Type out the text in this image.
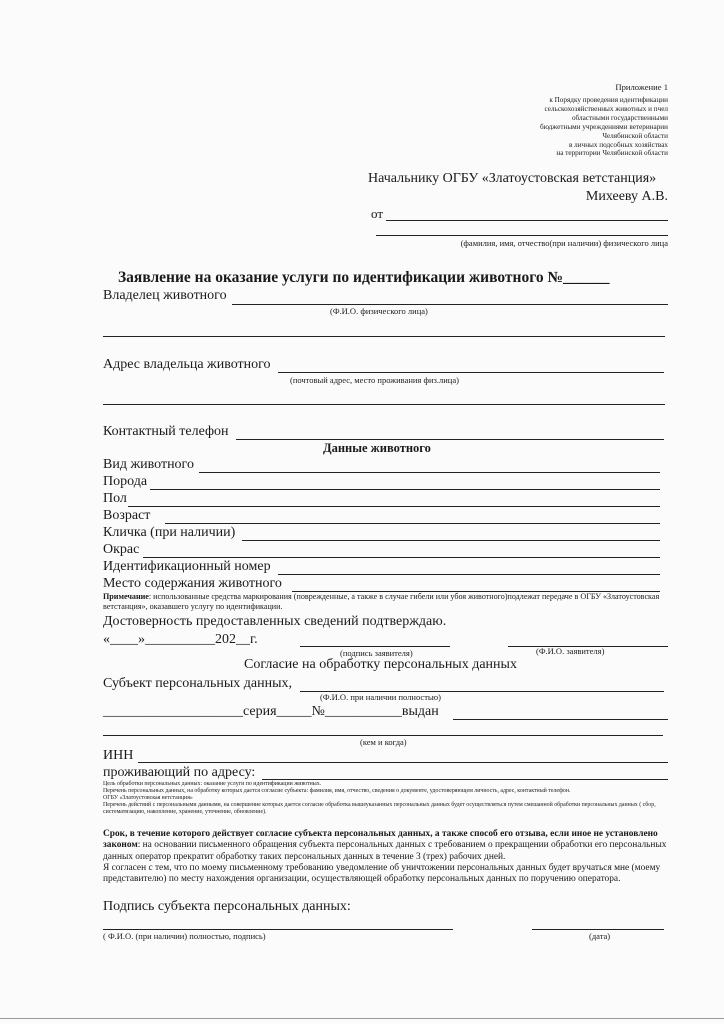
Приложение 1
к Порядку проведения идентификации
сельскохозяйственных животных и пчел
областными государственными
бюджетными учреждениями ветеринарии
Челябинской области
в личных подсобных хозяйствах
на территории Челябинской области
Начальнику ОГБУ «Златоустовская ветстанция»
Михееву А.В.
от
(фамилия, имя, отчество(при наличии) физического лица
Заявление на оказание услуги по идентификации животного №______
Владелец животного
(Ф.И.О. физического лица)
Адрес владельца животного
(почтовый адрес, место проживания физ.лица)
Контактный телефон
Данные животного
Вид животного
Порода
Пол
Возраст
Кличка (при наличии)
Окрас
Идентификационный номер
Место содержания животного
Примечание: использованные средства маркирования (поврежденные, а также в случае гибели или убоя животного)подлежат передаче в ОГБУ «Златоустовская ветстанция», оказавшего услугу по идентификации.
Достоверность предоставленных сведений подтверждаю.
«____»__________202__г.
(подпись заявителя)	(Ф.И.О. заявителя)
Согласие на обработку персональных данных
Субъект персональных данных,
(Ф.И.О. при наличии полностью)
____________________серия_____№___________выдан
(кем и когда)
ИНН
проживающий по адресу:
Цель обработки персональных данных: оказание услуги по идентификации животных.
Перечень персональных данных, на обработку которых дается согласие субъекта: фамилия, имя, отчество, сведения о документе, удостоверяющем личность, адрес, контактный телефон.
ОГБУ «Златоустовская ветстанция»
Перечень действий с персональными данными, на совершение которых дается согласие обработка вышеуказанных персональных данных будет осуществляться путем смешанной обработки персональных данных ( сбор, систематизацию, накопление, хранение, уточнение, обновление).
Срок, в течение которого действует согласие субъекта персональных данных, а также способ его отзыва, если иное не установлено законом: на основании письменного обращения субъекта персональных данных с требованием о прекращении обработки его персональных данных оператор прекратит обработку таких персональных данных в течение 3 (трех) рабочих дней.
Я согласен с тем, что по моему письменному требованию уведомление об уничтожении персональных данных будет вручаться мне (моему представителю) по месту нахождения организации, осуществляющей обработку персональных данных по поручению оператора.
Подпись субъекта персональных данных:
( Ф.И.О. (при наличии) полностью, подпись)	(дата)
